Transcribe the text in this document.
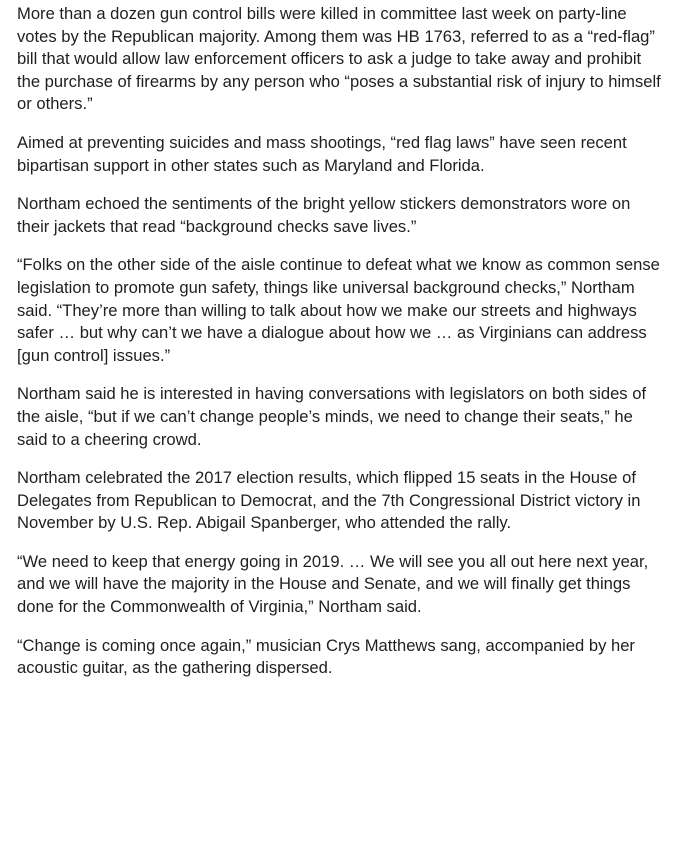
More than a dozen gun control bills were killed in committee last week on party-line votes by the Republican majority. Among them was HB 1763, referred to as a “red-flag” bill that would allow law enforcement officers to ask a judge to take away and prohibit the purchase of firearms by any person who “poses a substantial risk of injury to himself or others.”

Aimed at preventing suicides and mass shootings, “red flag laws” have seen recent bipartisan support in other states such as Maryland and Florida.

Northam echoed the sentiments of the bright yellow stickers demonstrators wore on their jackets that read “background checks save lives.”

“Folks on the other side of the aisle continue to defeat what we know as common sense legislation to promote gun safety, things like universal background checks,” Northam said. “They’re more than willing to talk about how we make our streets and highways safer … but why can’t we have a dialogue about how we … as Virginians can address [gun control] issues.”

Northam said he is interested in having conversations with legislators on both sides of the aisle, “but if we can’t change people’s minds, we need to change their seats,” he said to a cheering crowd.

Northam celebrated the 2017 election results, which flipped 15 seats in the House of Delegates from Republican to Democrat, and the 7th Congressional District victory in November by U.S. Rep. Abigail Spanberger, who attended the rally.

“We need to keep that energy going in 2019. … We will see you all out here next year, and we will have the majority in the House and Senate, and we will finally get things done for the Commonwealth of Virginia,” Northam said.

“Change is coming once again,” musician Crys Matthews sang, accompanied by her acoustic guitar, as the gathering dispersed.
